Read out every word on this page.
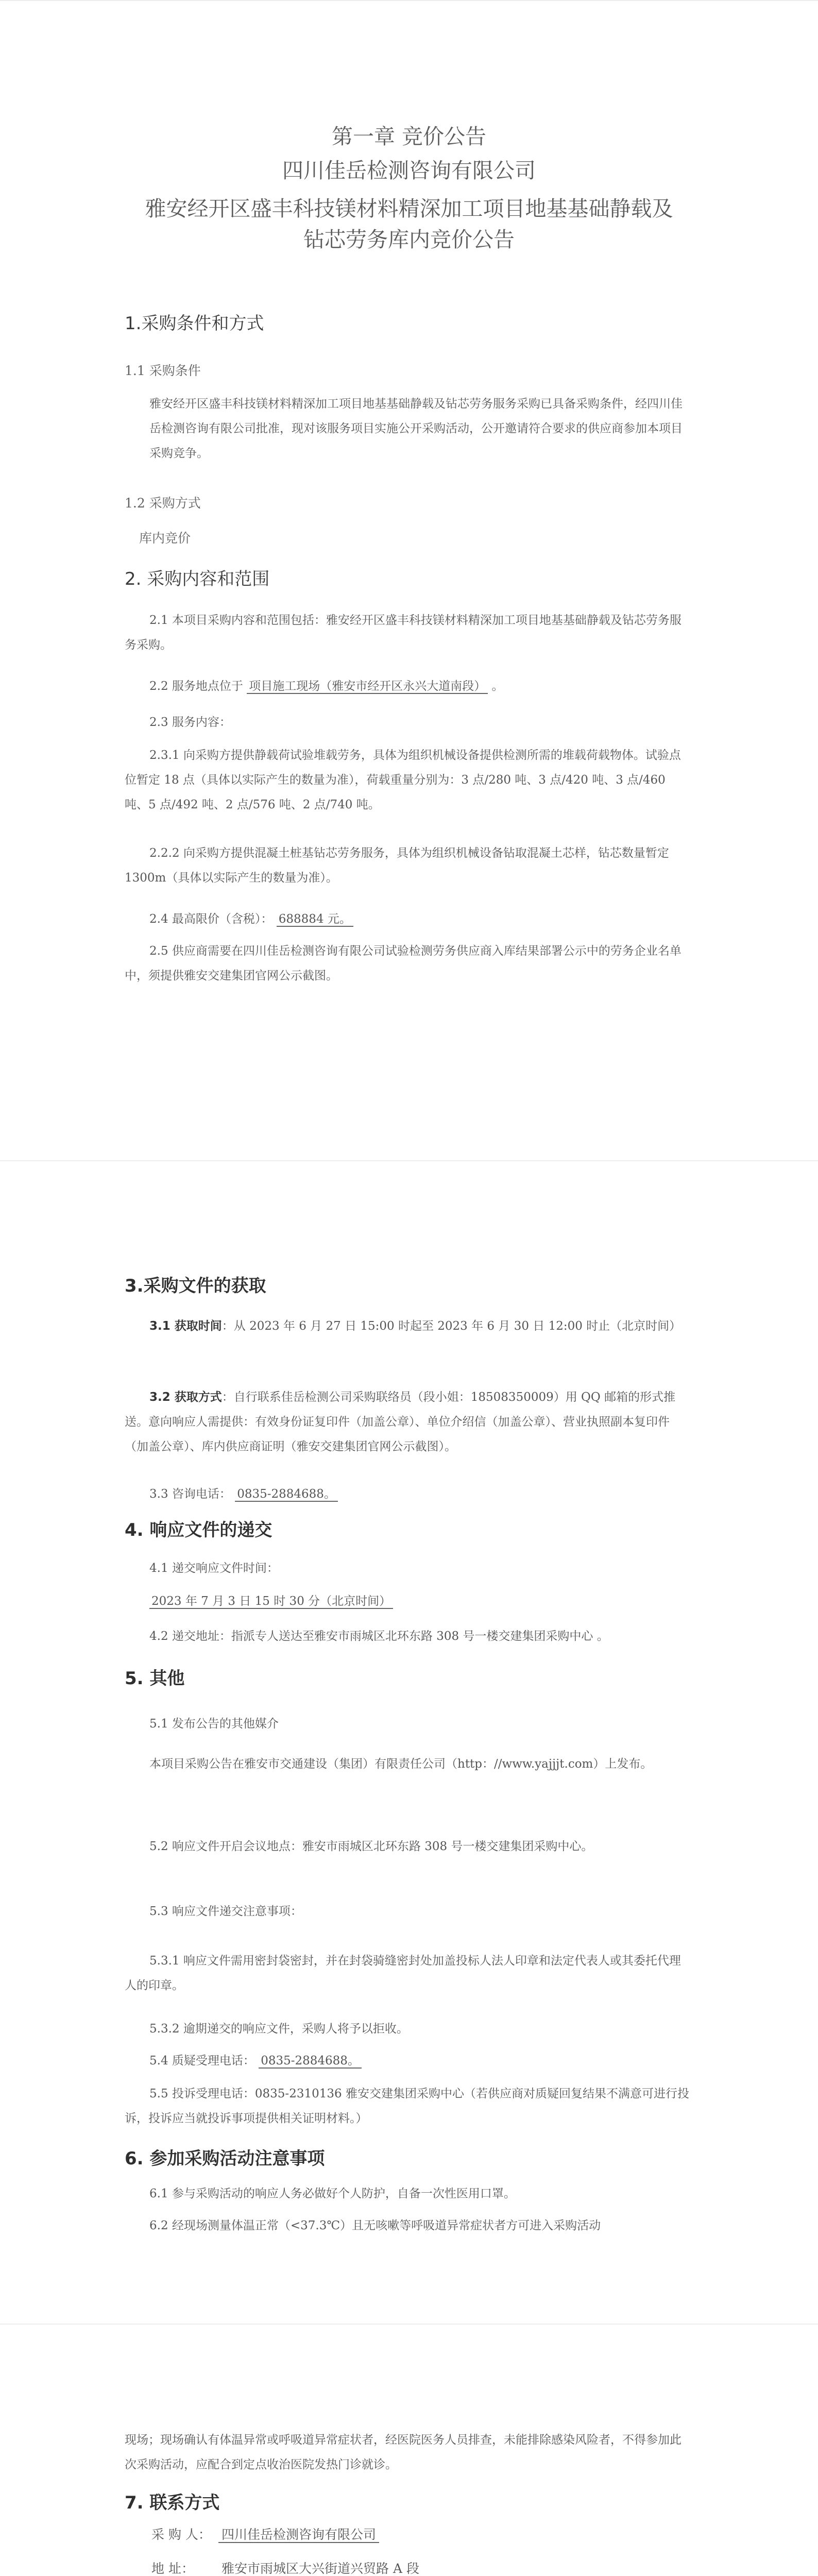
第一章 竞价公告
四川佳岳检测咨询有限公司
雅安经开区盛丰科技镁材料精深加工项目地基基础静载及
钻芯劳务库内竞价公告
1.采购条件和方式
1.1 采购条件
雅安经开区盛丰科技镁材料精深加工项目地基基础静载及钻芯劳务服务采购已具备采购条件，经四川佳岳检测咨询有限公司批准，现对该服务项目实施公开采购活动，公开邀请符合要求的供应商参加本项目采购竞争。
1.2 采购方式
库内竞价
2. 采购内容和范围
2.1 本项目采购内容和范围包括：雅安经开区盛丰科技镁材料精深加工项目地基基础静载及钻芯劳务服务采购。
2.2 服务地点位于 项目施工现场（雅安市经开区永兴大道南段） 。
2.3 服务内容：
2.3.1 向采购方提供静载荷试验堆载劳务，具体为组织机械设备提供检测所需的堆载荷载物体。试验点位暂定 18 点（具体以实际产生的数量为准），荷载重量分别为：3 点/280 吨、3 点/420 吨、3 点/460 吨、5 点/492 吨、2 点/576 吨、2 点/740 吨。
2.2.2 向采购方提供混凝土桩基钻芯劳务服务，具体为组织机械设备钻取混凝土芯样，钻芯数量暂定 1300m（具体以实际产生的数量为准）。
2.4 最高限价（含税）： 688884 元。
2.5 供应商需要在四川佳岳检测咨询有限公司试验检测劳务供应商入库结果部署公示中的劳务企业名单中，须提供雅安交建集团官网公示截图。
3.采购文件的获取
3.1 获取时间：从 2023 年 6 月 27 日 15:00 时起至 2023 年 6 月 30 日 12:00 时止（北京时间）
3.2 获取方式：自行联系佳岳检测公司采购联络员（段小姐：18508350009）用 QQ 邮箱的形式推送。意向响应人需提供：有效身份证复印件（加盖公章）、单位介绍信（加盖公章）、营业执照副本复印件（加盖公章）、库内供应商证明（雅安交建集团官网公示截图）。
3.3 咨询电话： 0835-2884688。
4. 响应文件的递交
4.1 递交响应文件时间：
2023 年 7 月 3 日 15 时 30 分（北京时间）
4.2 递交地址：指派专人送达至雅安市雨城区北环东路 308 号一楼交建集团采购中心 。
5. 其他
5.1 发布公告的其他媒介
本项目采购公告在雅安市交通建设（集团）有限责任公司（http：//www.yajjjt.com）上发布。
5.2 响应文件开启会议地点：雅安市雨城区北环东路 308 号一楼交建集团采购中心。
5.3 响应文件递交注意事项：
5.3.1 响应文件需用密封袋密封，并在封袋骑缝密封处加盖投标人法人印章和法定代表人或其委托代理人的印章。
5.3.2 逾期递交的响应文件，采购人将予以拒收。
5.4 质疑受理电话： 0835-2884688。
5.5 投诉受理电话：0835-2310136 雅安交建集团采购中心（若供应商对质疑回复结果不满意可进行投诉，投诉应当就投诉事项提供相关证明材料。）
6. 参加采购活动注意事项
6.1 参与采购活动的响应人务必做好个人防护，自备一次性医用口罩。
6.2 经现场测量体温正常（<37.3℃）且无咳嗽等呼吸道异常症状者方可进入采购活动
现场；现场确认有体温异常或呼吸道异常症状者，经医院医务人员排查，未能排除感染风险者，不得参加此次采购活动，应配合到定点收治医院发热门诊就诊。
7. 联系方式
采 购 人： 四川佳岳检测咨询有限公司
地 址： 雅安市雨城区大兴街道兴贸路 A 段
